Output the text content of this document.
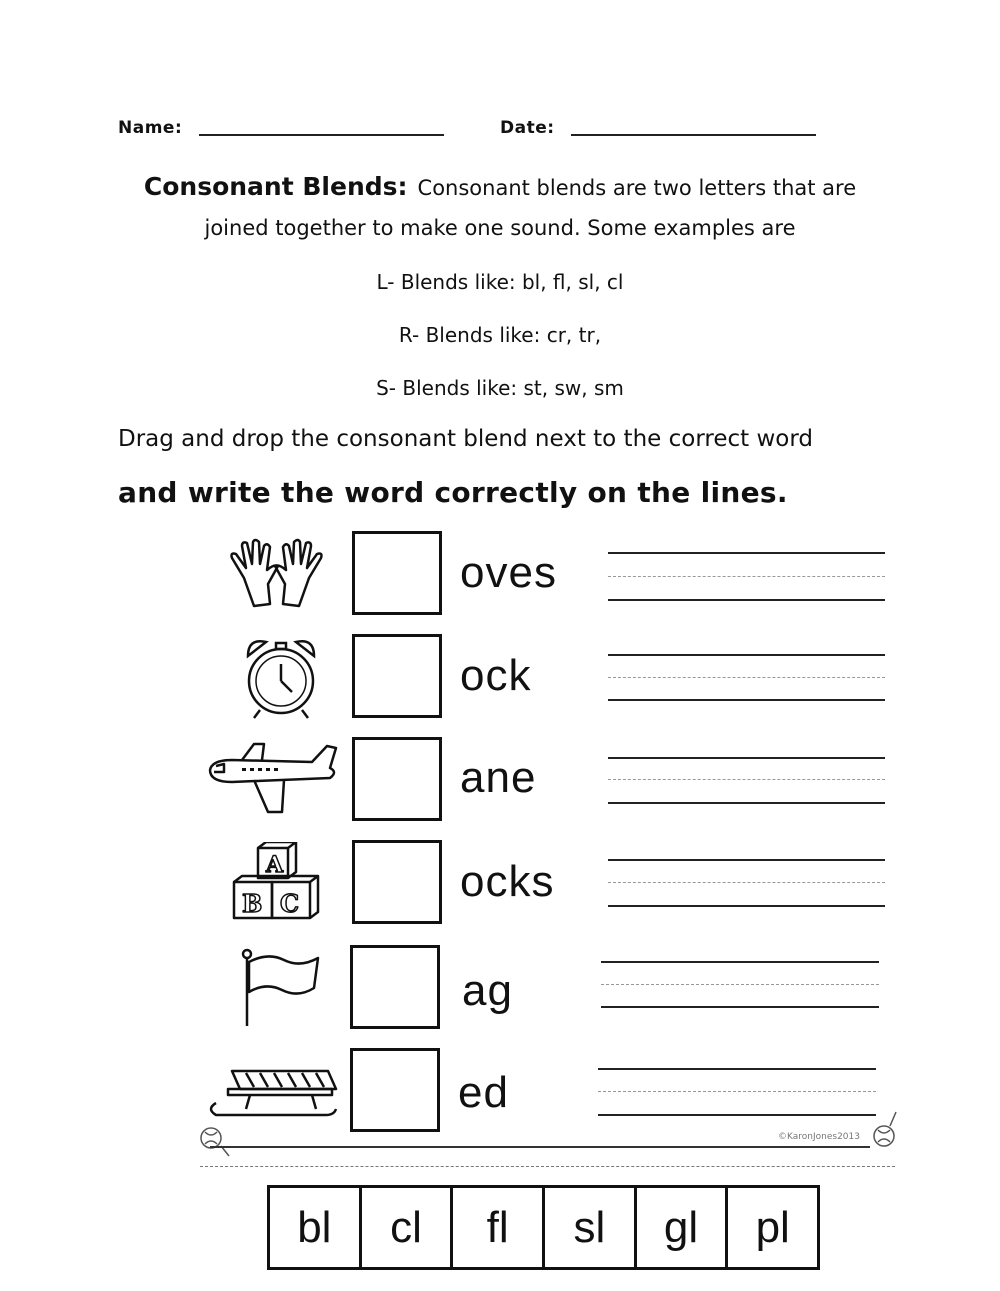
Name:	Date:
Consonant Blends: Consonant blends are two letters that are
joined together to make one sound. Some examples are
L- Blends like: bl, fl, sl, cl
R- Blends like: cr, tr,
S- Blends like: st, sw, sm
Drag and drop the consonant blend next to the correct word
and write the word correctly on the lines.
oves
ock
ane
A
B C	ocks
ag
ed
©KaronJones2013
bl	cl	fl	sl	gl	pl
